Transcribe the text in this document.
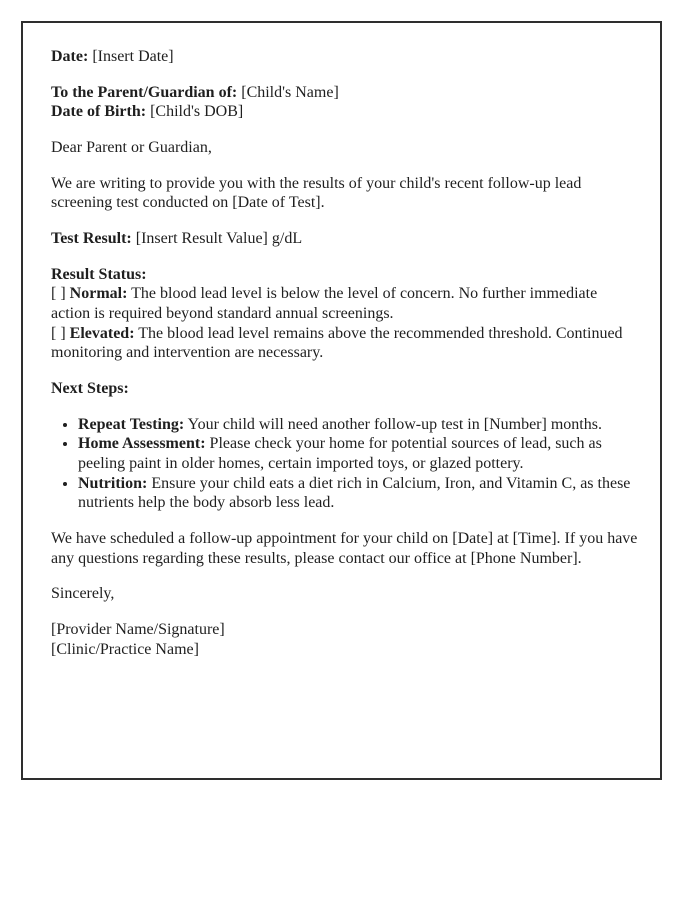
Date: [Insert Date]

To the Parent/Guardian of: [Child's Name]
Date of Birth: [Child's DOB]

Dear Parent or Guardian,

We are writing to provide you with the results of your child's recent follow-up lead screening test conducted on [Date of Test].

Test Result: [Insert Result Value] g/dL

Result Status:
[ ] Normal: The blood lead level is below the level of concern. No further immediate action is required beyond standard annual screenings.
[ ] Elevated: The blood lead level remains above the recommended threshold. Continued monitoring and intervention are necessary.

Next Steps:

• Repeat Testing: Your child will need another follow-up test in [Number] months.
• Home Assessment: Please check your home for potential sources of lead, such as peeling paint in older homes, certain imported toys, or glazed pottery.
• Nutrition: Ensure your child eats a diet rich in Calcium, Iron, and Vitamin C, as these nutrients help the body absorb less lead.

We have scheduled a follow-up appointment for your child on [Date] at [Time]. If you have any questions regarding these results, please contact our office at [Phone Number].

Sincerely,

[Provider Name/Signature]
[Clinic/Practice Name]
